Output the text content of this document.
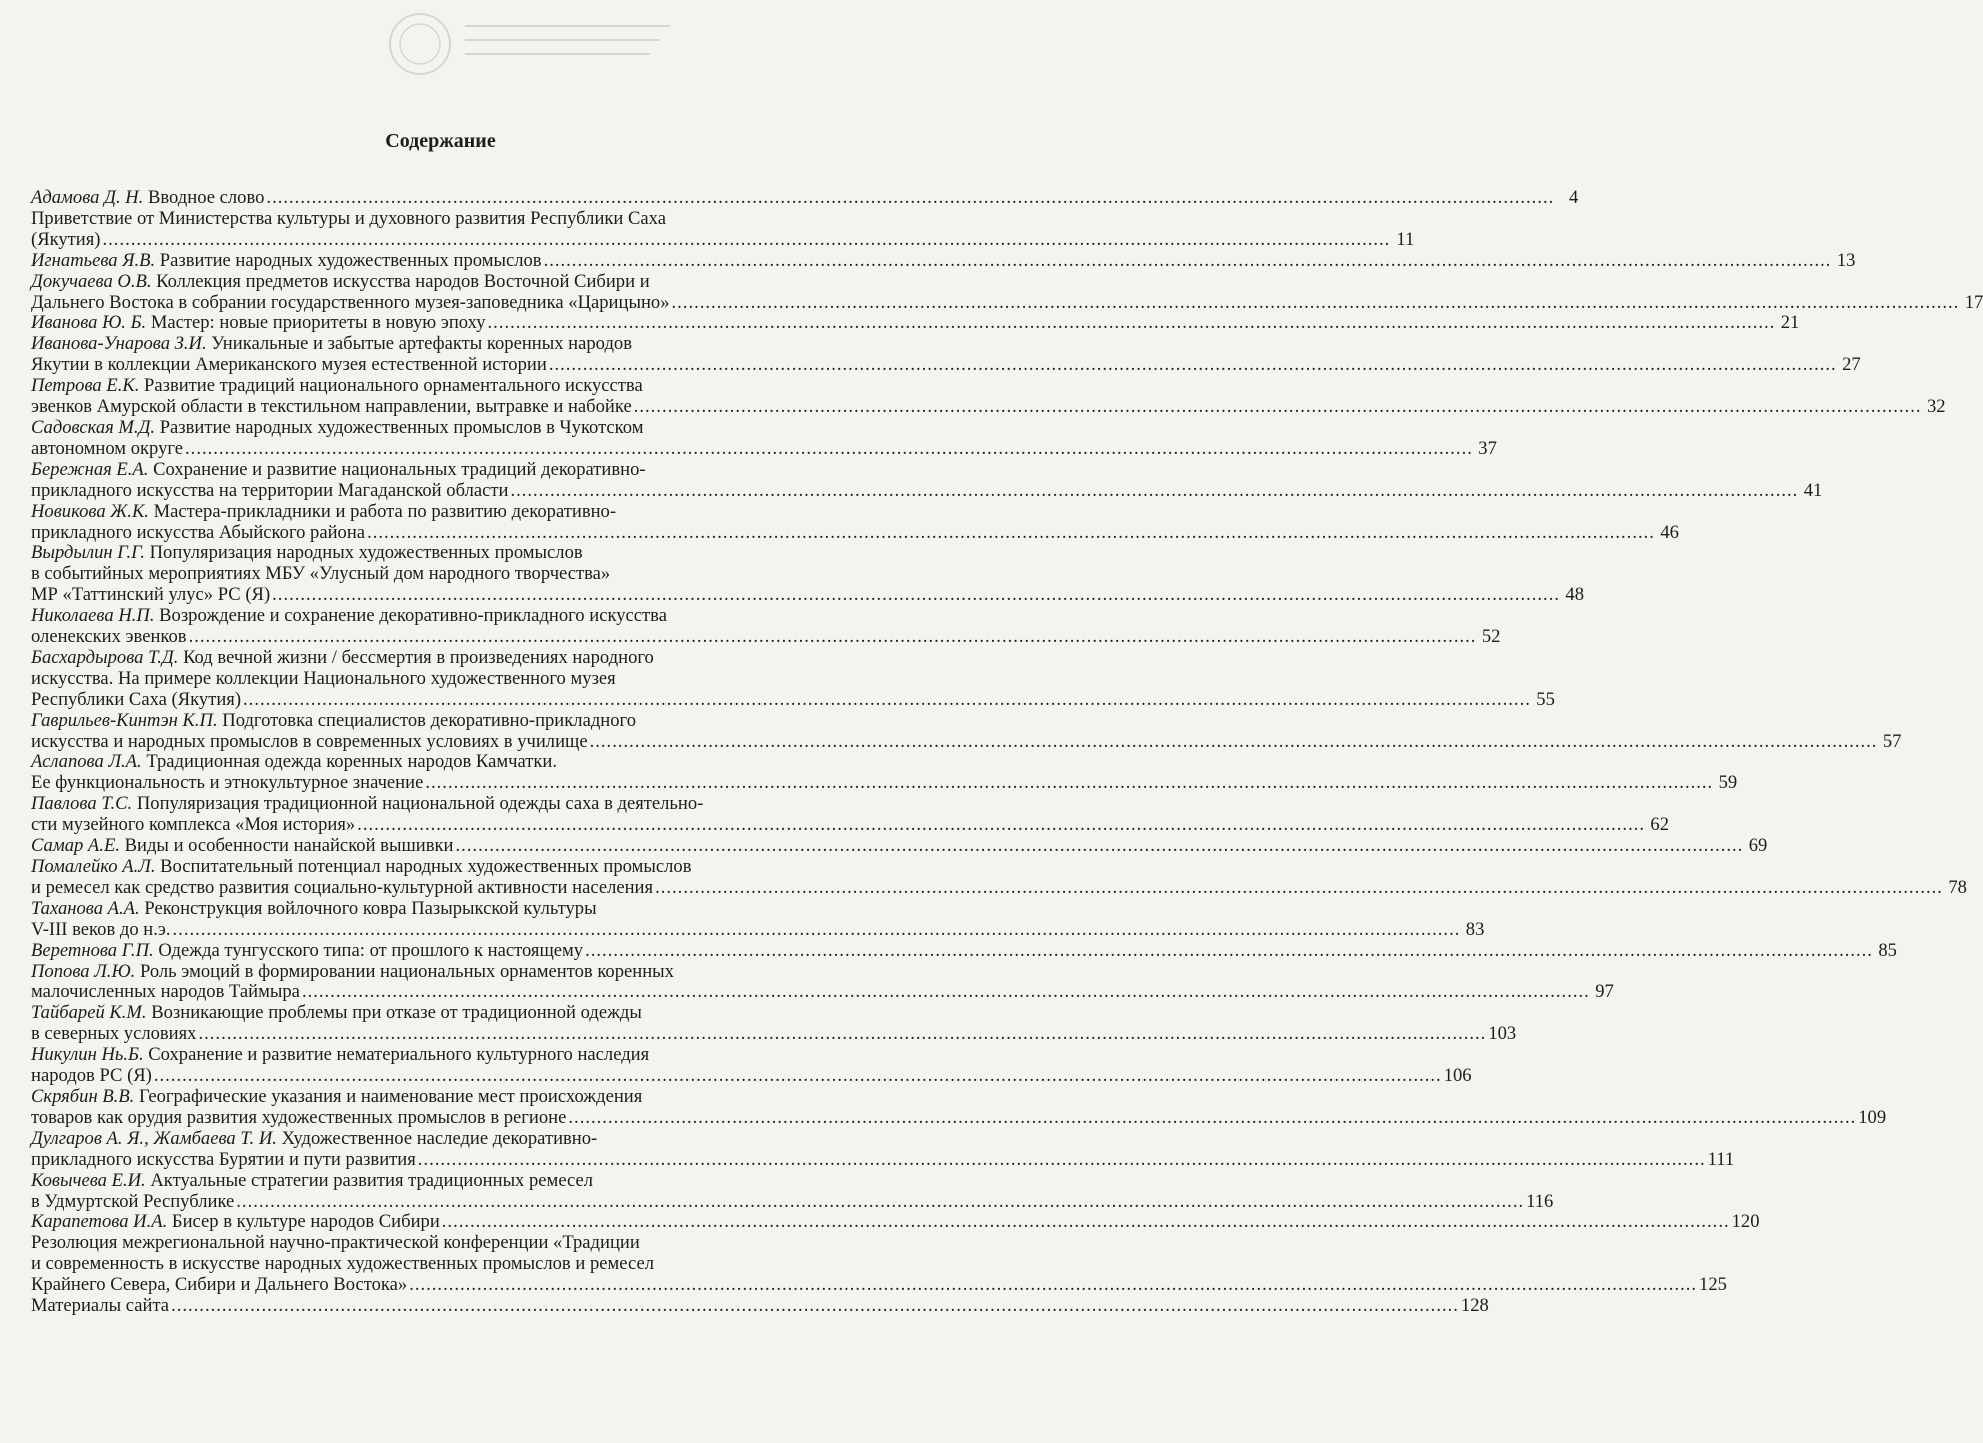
Содержание
Адамова Д. Н. Вводное слово .....	4
Приветствие от Министерства культуры и духовного развития Республики Саха
(Якутия) .....	11
Игнатьева Я.В. Развитие народных художественных промыслов .....	13
Докучаева О.В. Коллекция предметов искусства народов Восточной Сибири и
Дальнего Востока в собрании государственного музея-заповедника «Царицыно» .....	17
Иванова Ю. Б. Мастер: новые приоритеты в новую эпоху .....	21
Иванова-Унарова З.И. Уникальные и забытые артефакты коренных народов
Якутии в коллекции Американского музея естественной истории .....	27
Петрова Е.К. Развитие традиций национального орнаментального искусства
эвенков Амурской области в текстильном направлении, вытравке и набойке .....	32
Садовская М.Д. Развитие народных художественных промыслов в Чукотском
автономном округе .....	37
Бережная Е.А. Сохранение и развитие национальных традиций декоративно-
прикладного искусства на территории Магаданской области .....	41
Новикова Ж.К. Мастера-прикладники и работа по развитию декоративно-
прикладного искусства Абыйского района .....	46
Вырдылин Г.Г. Популяризация народных художественных промыслов
в событийных мероприятиях МБУ «Улусный дом народного творчества»
МР «Таттинский улус» РС (Я) .....	48
Николаева Н.П. Возрождение и сохранение декоративно-прикладного искусства
оленекских эвенков .....	52
Басхардырова Т.Д. Код вечной жизни / бессмертия в произведениях народного
искусства. На примере коллекции Национального художественного музея
Республики Саха (Якутия) .....	55
Гаврильев-Кинтэн К.П. Подготовка специалистов декоративно-прикладного
искусства и народных промыслов в современных условиях в училище .....	57
Аслапова Л.А. Традиционная одежда коренных народов Камчатки.
Ее функциональность и этнокультурное значение .....	59
Павлова Т.С. Популяризация традиционной национальной одежды саха в деятельно-
сти музейного комплекса «Моя история» .....	62
Самар А.Е. Виды и особенности нанайской вышивки .....	69
Помалейко А.Л. Воспитательный потенциал народных художественных промыслов
и ремесел как средство развития социально-культурной активности населения .....	78
Таханова А.А. Реконструкция войлочного ковра Пазырыкской культуры
V-III веков до н.э. .....	83
Веретнова Г.П. Одежда тунгусского типа: от прошлого к настоящему .....	85
Попова Л.Ю. Роль эмоций в формировании национальных орнаментов коренных
малочисленных народов Таймыра .....	97
Тайбарей К.М. Возникающие проблемы при отказе от традиционной одежды
в северных условиях .....	103
Никулин Нь.Б. Сохранение и развитие нематериального культурного наследия
народов РС (Я) .....	106
Скрябин В.В. Географические указания и наименование мест происхождения
товаров как орудия развития художественных промыслов в регионе .....	109
Дулгаров А. Я., Жамбаева Т. И. Художественное наследие декоративно-
прикладного искусства Бурятии и пути развития .....	111
Ковычева Е.И. Актуальные стратегии развития традиционных ремесел
в Удмуртской Республике .....	116
Карапетова И.А. Бисер в культуре народов Сибири .....	120
Резолюция межрегиональной научно-практической конференции «Традиции
и современность в искусстве народных художественных промыслов и ремесел
Крайнего Севера, Сибири и Дальнего Востока» .....	125
Материалы сайта .....	128
